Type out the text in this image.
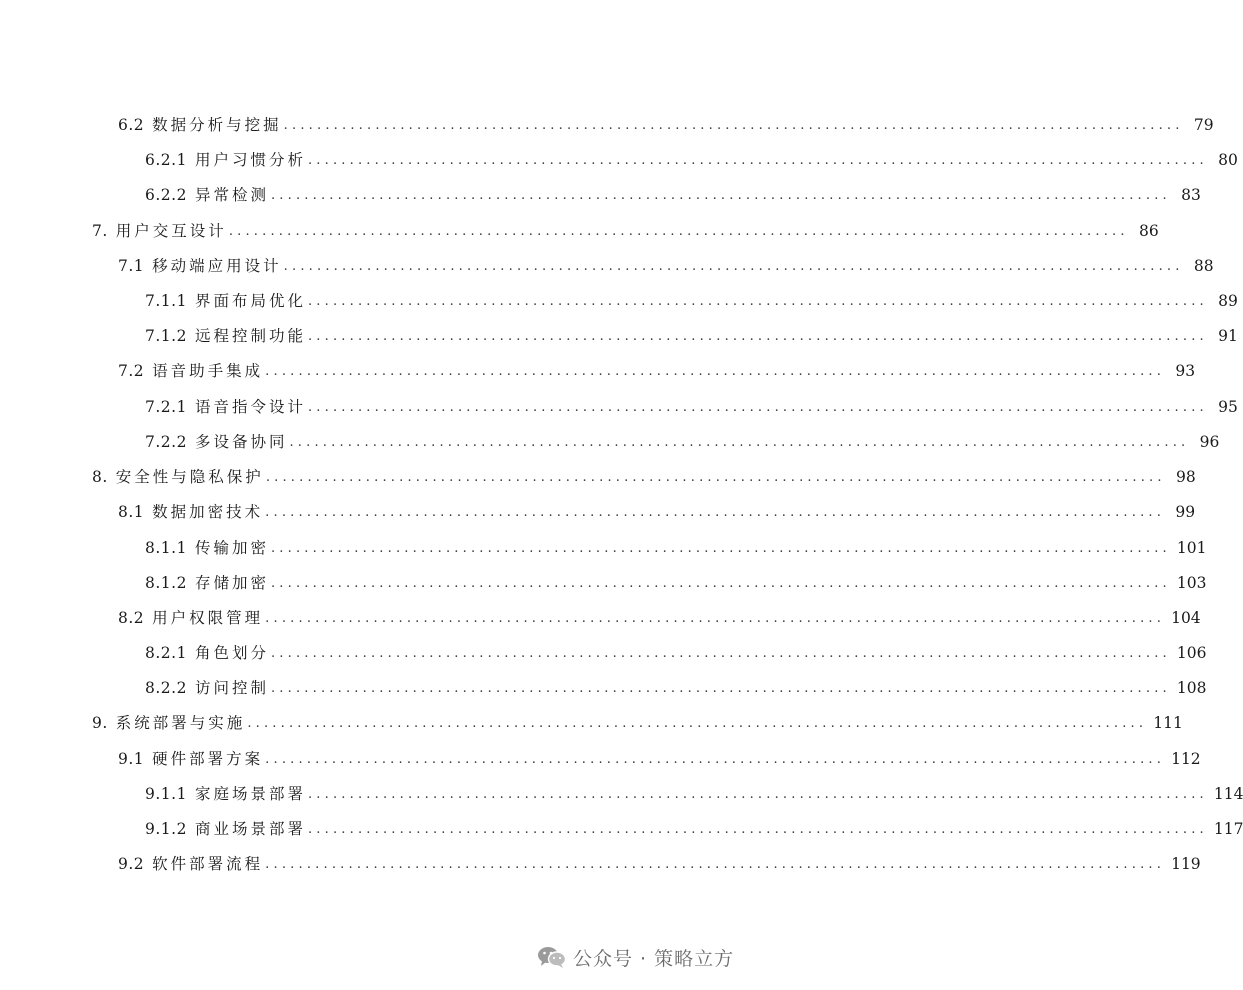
6.2 数据分析与挖掘 ............................................................................................................ 79
6.2.1 用户习惯分析 ............................................................................................................ 80
6.2.2 异常检测 ............................................................................................................ 83
7. 用户交互设计 ............................................................................................................ 86
7.1 移动端应用设计 ............................................................................................................ 88
7.1.1 界面布局优化 ............................................................................................................ 89
7.1.2 远程控制功能 ............................................................................................................ 91
7.2 语音助手集成 ............................................................................................................ 93
7.2.1 语音指令设计 ............................................................................................................ 95
7.2.2 多设备协同 ............................................................................................................ 96
8. 安全性与隐私保护 ............................................................................................................ 98
8.1 数据加密技术 ............................................................................................................ 99
8.1.1 传输加密 ............................................................................................................ 101
8.1.2 存储加密 ............................................................................................................ 103
8.2 用户权限管理 ............................................................................................................ 104
8.2.1 角色划分 ............................................................................................................ 106
8.2.2 访问控制 ............................................................................................................ 108
9. 系统部署与实施 ............................................................................................................ 111
9.1 硬件部署方案 ............................................................................................................ 112
9.1.1 家庭场景部署 ............................................................................................................ 114
9.1.2 商业场景部署 ............................................................................................................ 117
9.2 软件部署流程 ............................................................................................................ 119
公众号 · 策略立方
